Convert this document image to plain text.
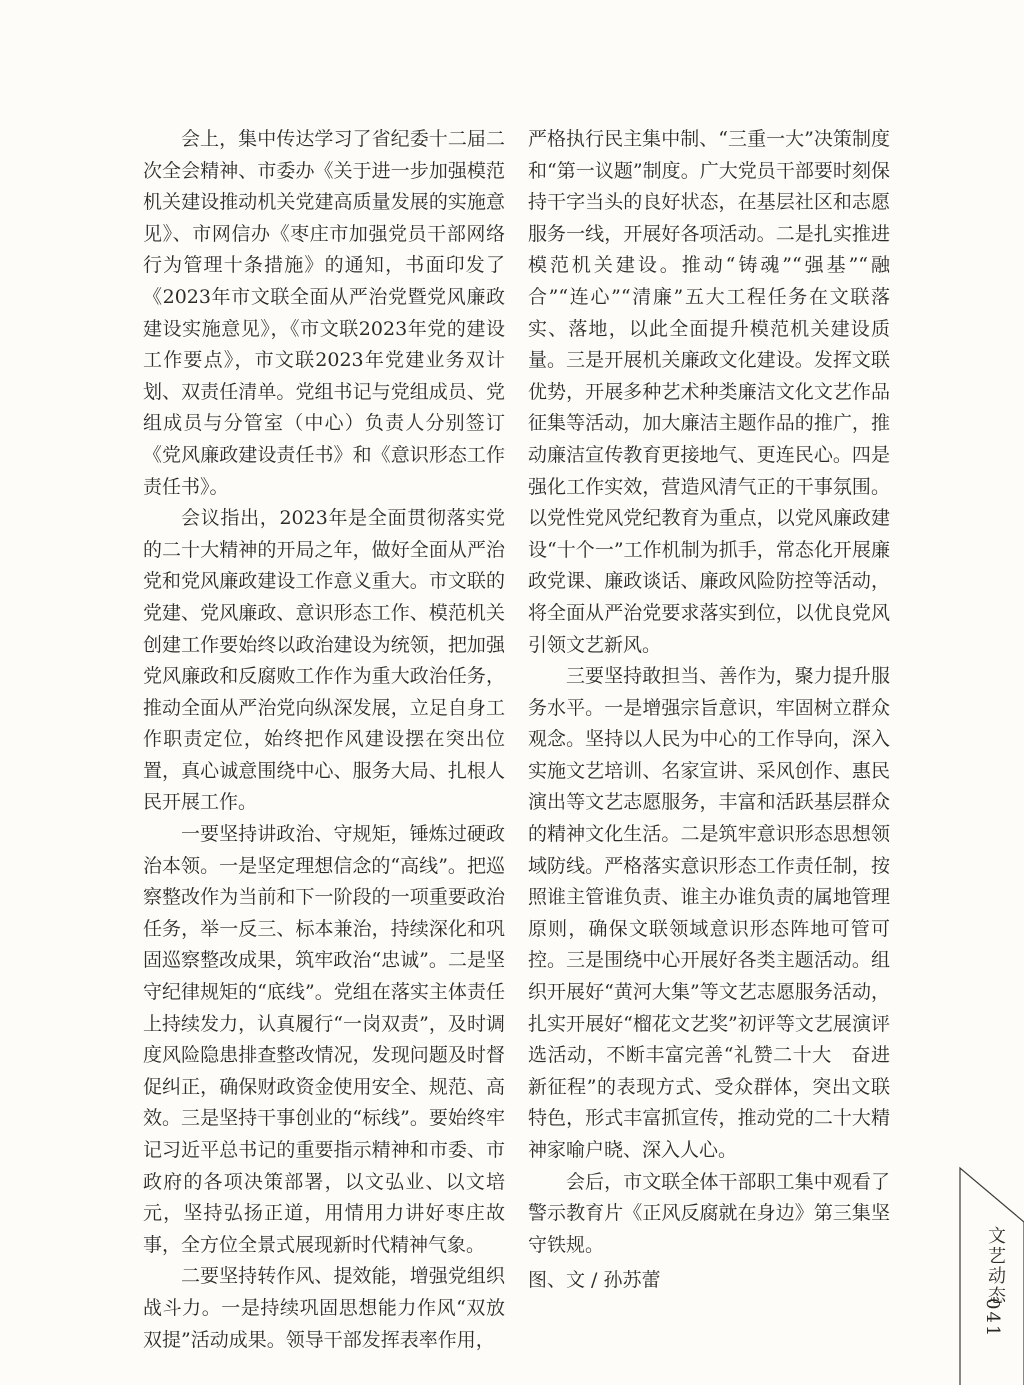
会上，集中传达学习了省纪委十二届二次全会精神、市委办《关于进一步加强模范机关建设推动机关党建高质量发展的实施意见》、市网信办《枣庄市加强党员干部网络行为管理十条措施》的通知，书面印发了《2023年市文联全面从严治党暨党风廉政建设实施意见》，《市文联2023年党的建设工作要点》，市文联2023年党建业务双计划、双责任清单。党组书记与党组成员、党组成员与分管室（中心）负责人分别签订《党风廉政建设责任书》和《意识形态工作责任书》。

会议指出，2023年是全面贯彻落实党的二十大精神的开局之年，做好全面从严治党和党风廉政建设工作意义重大。市文联的党建、党风廉政、意识形态工作、模范机关创建工作要始终以政治建设为统领，把加强党风廉政和反腐败工作作为重大政治任务，推动全面从严治党向纵深发展，立足自身工作职责定位，始终把作风建设摆在突出位置，真心诚意围绕中心、服务大局、扎根人民开展工作。

一要坚持讲政治、守规矩，锤炼过硬政治本领。一是坚定理想信念的“高线”。把巡察整改作为当前和下一阶段的一项重要政治任务，举一反三、标本兼治，持续深化和巩固巡察整改成果，筑牢政治“忠诚”。二是坚守纪律规矩的“底线”。党组在落实主体责任上持续发力，认真履行“一岗双责”，及时调度风险隐患排查整改情况，发现问题及时督促纠正，确保财政资金使用安全、规范、高效。三是坚持干事创业的“标线”。要始终牢记习近平总书记的重要指示精神和市委、市政府的各项决策部署，以文弘业、以文培元，坚持弘扬正道，用情用力讲好枣庄故事，全方位全景式展现新时代精神气象。

二要坚持转作风、提效能，增强党组织战斗力。一是持续巩固思想能力作风“双放双提”活动成果。领导干部发挥表率作用，

严格执行民主集中制、“三重一大”决策制度和“第一议题”制度。广大党员干部要时刻保持干字当头的良好状态，在基层社区和志愿服务一线，开展好各项活动。二是扎实推进模范机关建设。推动“铸魂”“强基”“融合”“连心”“清廉”五大工程任务在文联落实、落地，以此全面提升模范机关建设质量。三是开展机关廉政文化建设。发挥文联优势，开展多种艺术种类廉洁文化文艺作品征集等活动，加大廉洁主题作品的推广，推动廉洁宣传教育更接地气、更连民心。四是强化工作实效，营造风清气正的干事氛围。以党性党风党纪教育为重点，以党风廉政建设“十个一”工作机制为抓手，常态化开展廉政党课、廉政谈话、廉政风险防控等活动，将全面从严治党要求落实到位，以优良党风引领文艺新风。

三要坚持敢担当、善作为，聚力提升服务水平。一是增强宗旨意识，牢固树立群众观念。坚持以人民为中心的工作导向，深入实施文艺培训、名家宣讲、采风创作、惠民演出等文艺志愿服务，丰富和活跃基层群众的精神文化生活。二是筑牢意识形态思想领域防线。严格落实意识形态工作责任制，按照谁主管谁负责、谁主办谁负责的属地管理原则，确保文联领域意识形态阵地可管可控。三是围绕中心开展好各类主题活动。组织开展好“黄河大集”等文艺志愿服务活动，扎实开展好“榴花文艺奖”初评等文艺展演评选活动，不断丰富完善“礼赞二十大　奋进新征程”的表现方式、受众群体，突出文联特色，形式丰富抓宣传，推动党的二十大精神家喻户晓、深入人心。

会后，市文联全体干部职工集中观看了警示教育片《正风反腐就在身边》第三集坚守铁规。

图、文 / 孙苏蕾	文艺动态
041
